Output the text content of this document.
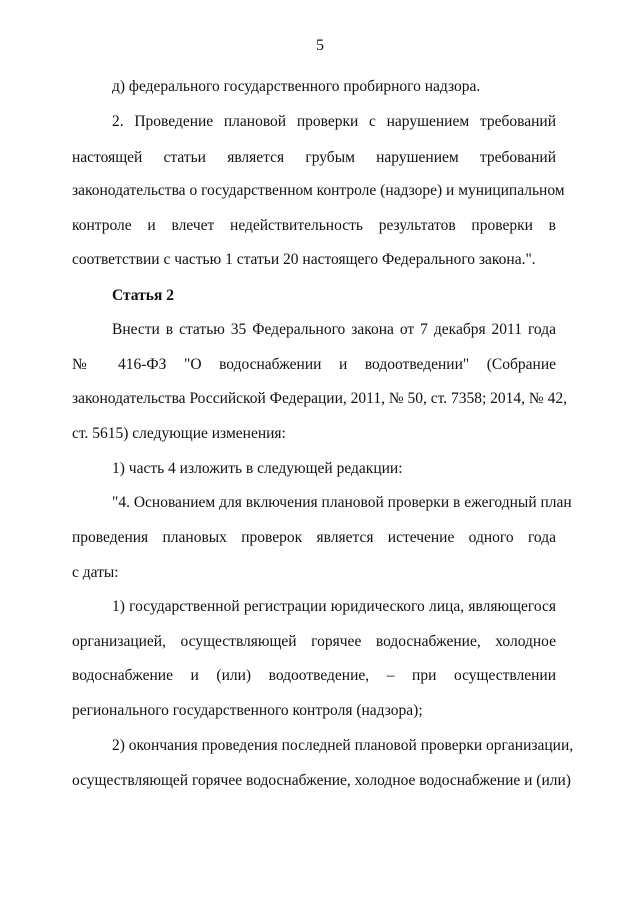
5
д) федерального государственного пробирного надзора.
2. Проведение плановой проверки с нарушением требований
настоящей статьи является грубым нарушением требований
законодательства о государственном контроле (надзоре) и муниципальном
контроле и влечет недействительность результатов проверки в
соответствии с частью 1 статьи 20 настоящего Федерального закона.".
Статья 2
Внести в статью 35 Федерального закона от 7 декабря 2011 года
№ 416-ФЗ "О водоснабжении и водоотведении" (Собрание
законодательства Российской Федерации, 2011, № 50, ст. 7358; 2014, № 42,
ст. 5615) следующие изменения:
1) часть 4 изложить в следующей редакции:
"4. Основанием для включения плановой проверки в ежегодный план
проведения плановых проверок является истечение одного года
с даты:
1) государственной регистрации юридического лица, являющегося
организацией, осуществляющей горячее водоснабжение, холодное
водоснабжение и (или) водоотведение, – при осуществлении
регионального государственного контроля (надзора);
2) окончания проведения последней плановой проверки организации,
осуществляющей горячее водоснабжение, холодное водоснабжение и (или)
